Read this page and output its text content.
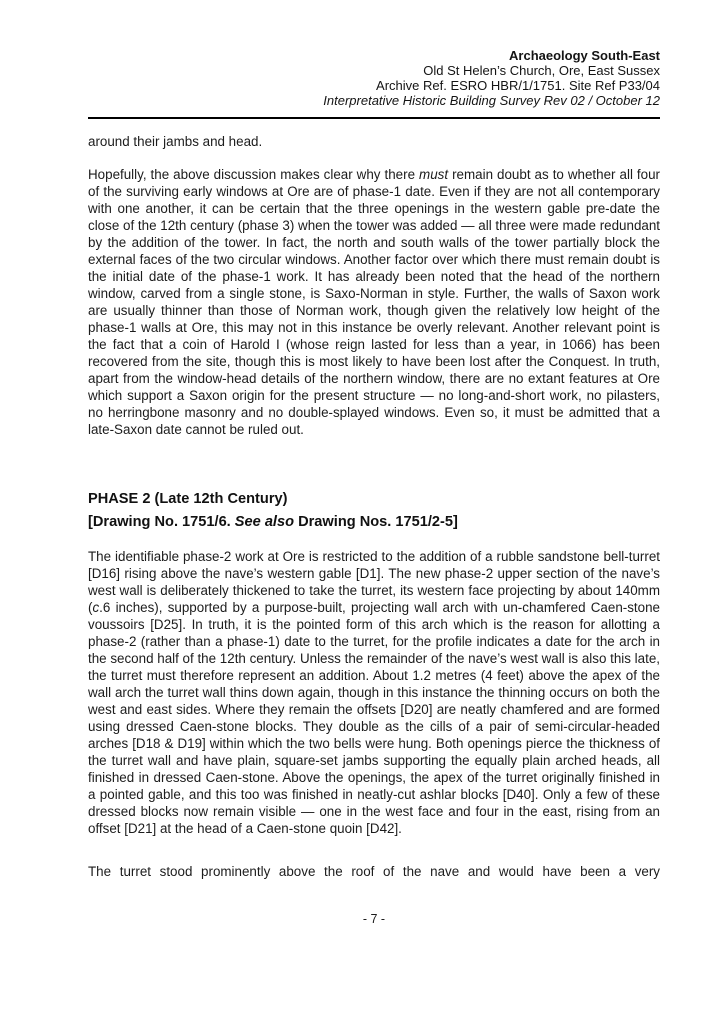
Archaeology South-East
Old St Helen’s Church, Ore, East Sussex
Archive Ref. ESRO HBR/1/1751. Site Ref P33/04
Interpretative Historic Building Survey Rev 02 / October 12

around their jambs and head.

Hopefully, the above discussion makes clear why there must remain doubt as to whether all four of the surviving early windows at Ore are of phase-1 date. Even if they are not all contemporary with one another, it can be certain that the three openings in the western gable pre-date the close of the 12th century (phase 3) when the tower was added — all three were made redundant by the addition of the tower. In fact, the north and south walls of the tower partially block the external faces of the two circular windows. Another factor over which there must remain doubt is the initial date of the phase-1 work. It has already been noted that the head of the northern window, carved from a single stone, is Saxo-Norman in style. Further, the walls of Saxon work are usually thinner than those of Norman work, though given the relatively low height of the phase-1 walls at Ore, this may not in this instance be overly relevant. Another relevant point is the fact that a coin of Harold I (whose reign lasted for less than a year, in 1066) has been recovered from the site, though this is most likely to have been lost after the Conquest. In truth, apart from the window-head details of the northern window, there are no extant features at Ore which support a Saxon origin for the present structure — no long-and-short work, no pilasters, no herringbone masonry and no double-splayed windows. Even so, it must be admitted that a late-Saxon date cannot be ruled out.

PHASE 2 (Late 12th Century)
[Drawing No. 1751/6. See also Drawing Nos. 1751/2-5]

The identifiable phase-2 work at Ore is restricted to the addition of a rubble sandstone bell-turret [D16] rising above the nave’s western gable [D1]. The new phase-2 upper section of the nave’s west wall is deliberately thickened to take the turret, its western face projecting by about 140mm (c.6 inches), supported by a purpose-built, projecting wall arch with un-chamfered Caen-stone voussoirs [D25]. In truth, it is the pointed form of this arch which is the reason for allotting a phase-2 (rather than a phase-1) date to the turret, for the profile indicates a date for the arch in the second half of the 12th century. Unless the remainder of the nave’s west wall is also this late, the turret must therefore represent an addition. About 1.2 metres (4 feet) above the apex of the wall arch the turret wall thins down again, though in this instance the thinning occurs on both the west and east sides. Where they remain the offsets [D20] are neatly chamfered and are formed using dressed Caen-stone blocks. They double as the cills of a pair of semi-circular-headed arches [D18 & D19] within which the two bells were hung. Both openings pierce the thickness of the turret wall and have plain, square-set jambs supporting the equally plain arched heads, all finished in dressed Caen-stone. Above the openings, the apex of the turret originally finished in a pointed gable, and this too was finished in neatly-cut ashlar blocks [D40]. Only a few of these dressed blocks now remain visible — one in the west face and four in the east, rising from an offset [D21] at the head of a Caen-stone quoin [D42].

The turret stood prominently above the roof of the nave and would have been a very

- 7 -
